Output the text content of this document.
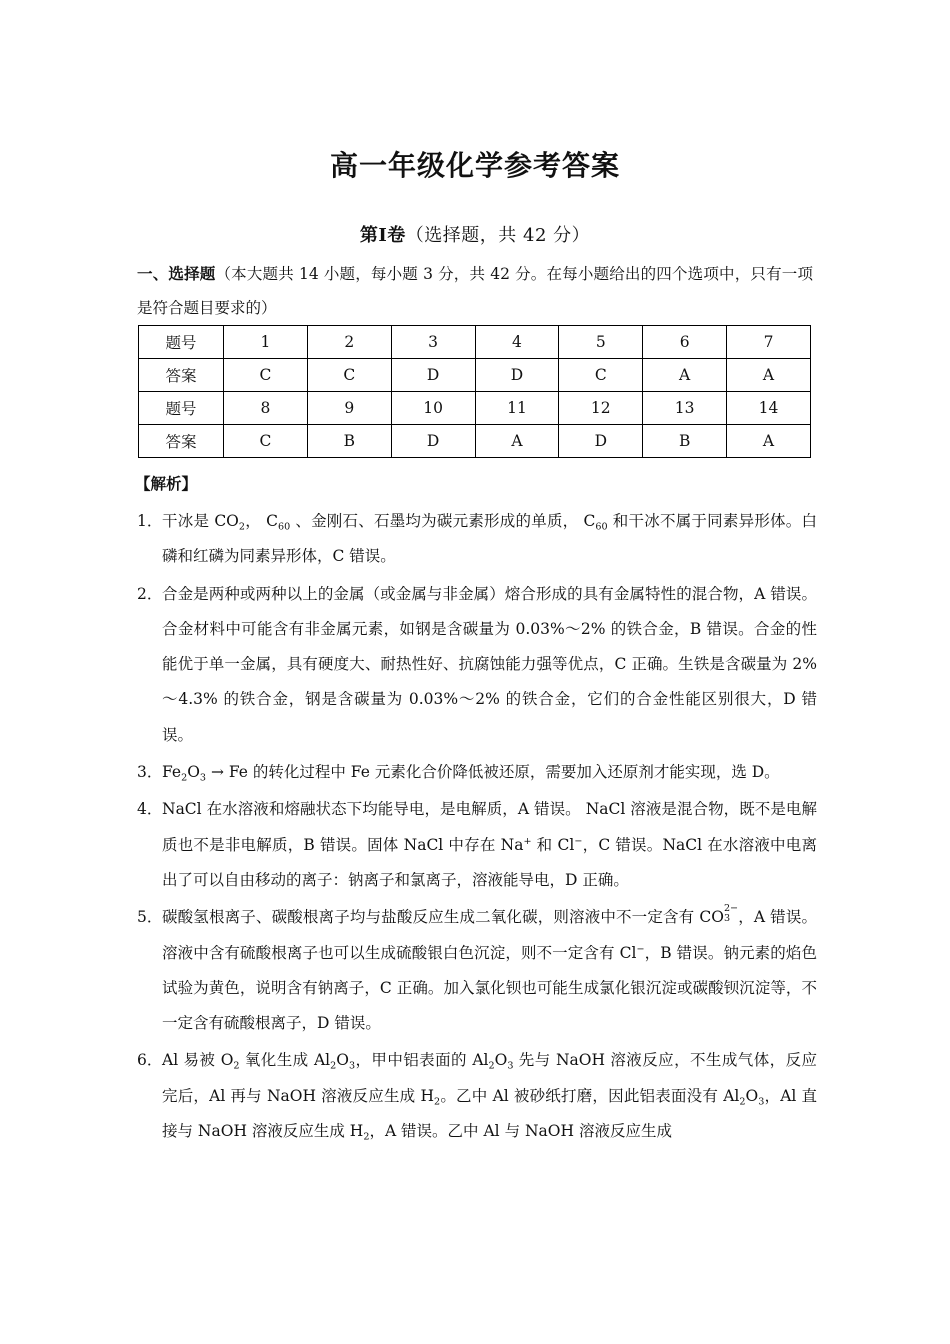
高一年级化学参考答案
第Ⅰ卷（选择题，共 42 分）
一、选择题（本大题共 14 小题，每小题 3 分，共 42 分。在每小题给出的四个选项中，只有一项是符合题目要求的）
题号	1	2	3	4	5	6	7
答案	C	C	D	D	C	A	A
题号	8	9	10	11	12	13	14
答案	C	B	D	A	D	B	A
【解析】
1． 干冰是 $CO_2$， $C_{60}$ 、金刚石、石墨均为碳元素形成的单质， $C_{60}$ 和干冰不属于同素异形体。白磷和红磷为同素异形体，C 错误。
2． 合金是两种或两种以上的金属（或金属与非金属）熔合形成的具有金属特性的混合物，A 错误。合金材料中可能含有非金属元素，如钢是含碳量为 0.03%～2% 的铁合金，B 错误。合金的性能优于单一金属，具有硬度大、耐热性好、抗腐蚀能力强等优点，C 正确。生铁是含碳量为 2%～4.3% 的铁合金，钢是含碳量为 0.03%～2% 的铁合金，它们的合金性能区别很大，D 错误。
3． $Fe_2O_3 \to Fe$ 的转化过程中 Fe 元素化合价降低被还原，需要加入还原剂才能实现，选 D。
4． NaCl 在水溶液和熔融状态下均能导电，是电解质，A 错误。 NaCl 溶液是混合物，既不是电解质也不是非电解质，B 错误。固体 NaCl 中存在 Na+ 和 Cl−，C 错误。NaCl 在水溶液中电离出了可以自由移动的离子：钠离子和氯离子，溶液能导电，D 正确。
5． 碳酸氢根离子、碳酸根离子均与盐酸反应生成二氧化碳，则溶液中不一定含有 CO
2−
3 ，A 错误。溶液中含有硫酸根离子也可以生成硫酸银白色沉淀，则不一定含有 Cl−，B 错误。钠元素的焰色试验为黄色，说明含有钠离子，C 正确。加入氯化钡也可能生成氯化银沉淀或碳酸钡沉淀等，不一定含有硫酸根离子，D 错误。
6． Al 易被 $O_2$ 氧化生成 $Al_2O_3$，甲中铝表面的 $Al_2O_3$ 先与 NaOH 溶液反应，不生成气体，反应完后，Al 再与 NaOH 溶液反应生成 $H_2$。乙中 Al 被砂纸打磨，因此铝表面没有 $Al_2O_3$，Al 直接与 NaOH 溶液反应生成 $H_2$，A 错误。乙中 Al 与 NaOH 溶液反应生成
